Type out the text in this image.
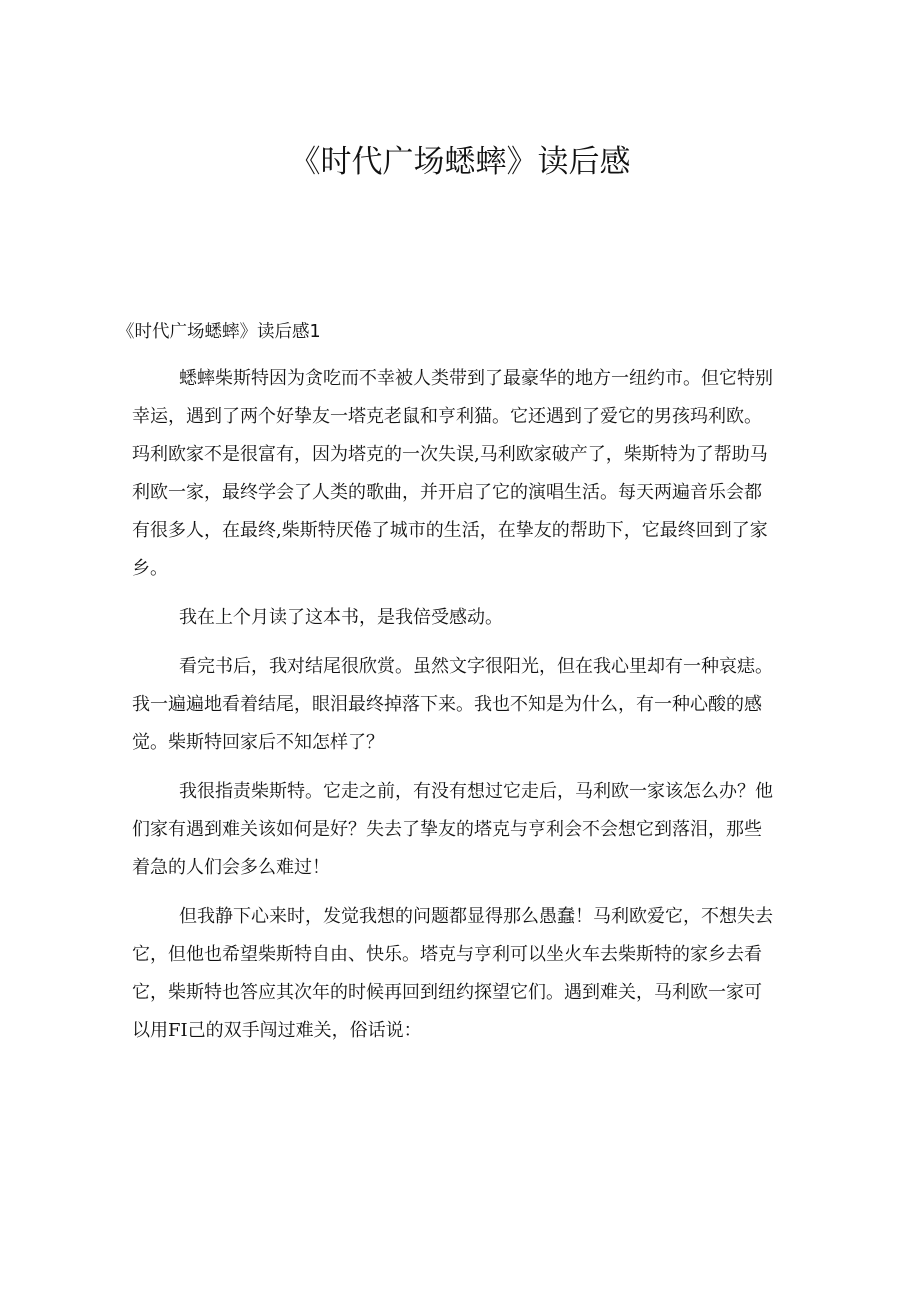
《时代广场蟋蟀》读后感

《时代广场蟋蟀》读后感1

蟋蟀柴斯特因为贪吃而不幸被人类带到了最豪华的地方一纽约市。但它特别
幸运，遇到了两个好挚友一塔克老鼠和亨利猫。它还遇到了爱它的男孩玛利欧。
玛利欧家不是很富有，因为塔克的一次失误,马利欧家破产了，柴斯特为了帮助马
利欧一家，最终学会了人类的歌曲，并开启了它的演唱生活。每天两遍音乐会都
有很多人，在最终,柴斯特厌倦了城市的生活，在挚友的帮助下，它最终回到了家
乡。
我在上个月读了这本书，是我倍受感动。
看完书后，我对结尾很欣赏。虽然文字很阳光，但在我心里却有一种哀痣。
我一遍遍地看着结尾，眼泪最终掉落下来。我也不知是为什么，有一种心酸的感
觉。柴斯特回家后不知怎样了？
我很指责柴斯特。它走之前，有没有想过它走后，马利欧一家该怎么办？他
们家有遇到难关该如何是好？失去了挚友的塔克与亨利会不会想它到落泪，那些
着急的人们会多么难过！
但我静下心来时，发觉我想的问题都显得那么愚蠢！马利欧爱它，不想失去
它，但他也希望柴斯特自由、快乐。塔克与亨利可以坐火车去柴斯特的家乡去看
它，柴斯特也答应其次年的时候再回到纽约探望它们。遇到难关，马利欧一家可
以用FI己的双手闯过难关，俗话说：
